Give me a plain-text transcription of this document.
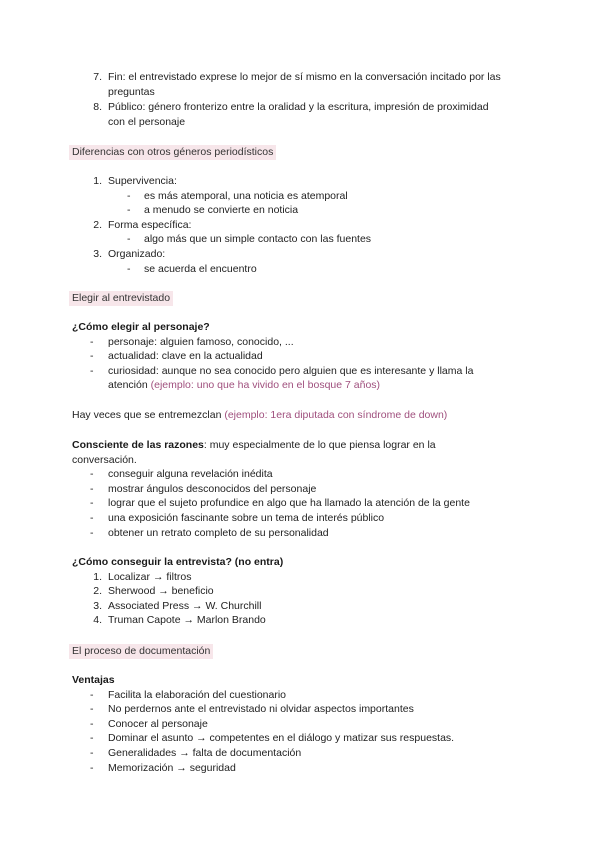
7. Fin: el entrevistado exprese lo mejor de sí mismo en la conversación incitado por las
preguntas
8. Público: género fronterizo entre la oralidad y la escritura, impresión de proximidad
con el personaje
Diferencias con otros géneros periodísticos
1. Supervivencia:
- es más atemporal, una noticia es atemporal
- a menudo se convierte en noticia
2. Forma específica:
- algo más que un simple contacto con las fuentes
3. Organizado:
- se acuerda el encuentro
Elegir al entrevistado
¿Cómo elegir al personaje?
- personaje: alguien famoso, conocido, ...
- actualidad: clave en la actualidad
- curiosidad: aunque no sea conocido pero alguien que es interesante y llama la
atención (ejemplo: uno que ha vivido en el bosque 7 años)
Hay veces que se entremezclan (ejemplo: 1era diputada con síndrome de down)
Consciente de las razones: muy especialmente de lo que piensa lograr en la
conversación.
- conseguir alguna revelación inédita
- mostrar ángulos desconocidos del personaje
- lograr que el sujeto profundice en algo que ha llamado la atención de la gente
- una exposición fascinante sobre un tema de interés público
- obtener un retrato completo de su personalidad
¿Cómo conseguir la entrevista? (no entra)
1. Localizar → filtros
2. Sherwood → beneficio
3. Associated Press → W. Churchill
4. Truman Capote → Marlon Brando
El proceso de documentación
Ventajas
- Facilita la elaboración del cuestionario
- No perdernos ante el entrevistado ni olvidar aspectos importantes
- Conocer al personaje
- Dominar el asunto → competentes en el diálogo y matizar sus respuestas.
- Generalidades → falta de documentación
- Memorización → seguridad
